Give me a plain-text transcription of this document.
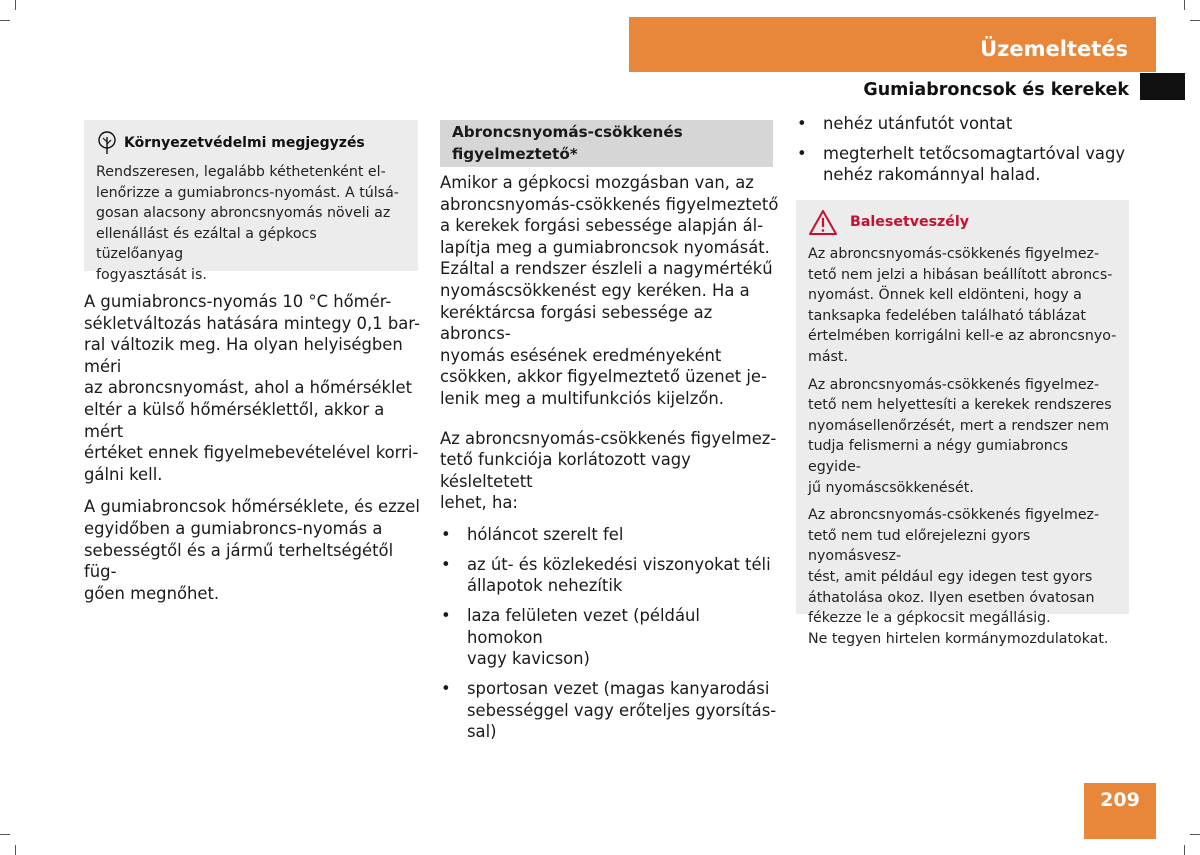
Üzemeltetés
Gumiabroncsok és kerekek
Környezetvédelmi megjegyzés
Rendszeresen, legalább kéthetenként el-
lenőrizze a gumiabroncs-nyomást. A túlsá-
gosan alacsony abroncsnyomás növeli az
ellenállást és ezáltal a gépkocs tüzelőanyag
fogyasztását is.

A gumiabroncs-nyomás 10 °C hőmér-
sékletváltozás hatására mintegy 0,1 bar-
ral változik meg. Ha olyan helyiségben méri
az abroncsnyomást, ahol a hőmérséklet
eltér a külső hőmérséklettől, akkor a mért
értéket ennek figyelmebevételével korri-
gálni kell.

A gumiabroncsok hőmérséklete, és ezzel
egyidőben a gumiabroncs-nyomás a
sebességtől és a jármű terheltségétől füg-
gően megnőhet.

Abroncsnyomás-csökkenés
figyelmeztető*

Amikor a gépkocsi mozgásban van, az
abroncsnyomás-csökkenés figyelmeztető
a kerekek forgási sebessége alapján ál-
lapítja meg a gumiabroncsok nyomását.
Ezáltal a rendszer észleli a nagymértékű
nyomáscsökkenést egy keréken. Ha a
keréktárcsa forgási sebessége az abroncs-
nyomás esésének eredményeként
csökken, akkor figyelmeztető üzenet je-
lenik meg a multifunkciós kijelzőn.

Az abroncsnyomás-csökkenés figyelmez-
tető funkciója korlátozott vagy késleltetett
lehet, ha:

• hóláncot szerelt fel
• az út- és közlekedési viszonyokat téli
állapotok nehezítik
• laza felületen vezet (például homokon
vagy kavicson)
• sportosan vezet (magas kanyarodási
sebességgel vagy erőteljes gyorsítás-
sal)
• nehéz utánfutót vontat
• megterhelt tetőcsomagtartóval vagy
nehéz rakománnyal halad.
Balesetveszély

Az abroncsnyomás-csökkenés figyelmez-
tető nem jelzi a hibásan beállított abroncs-
nyomást. Önnek kell eldönteni, hogy a
tanksapka fedelében található táblázat
értelmében korrigálni kell-e az abroncsnyo-
mást.

Az abroncsnyomás-csökkenés figyelmez-
tető nem helyettesíti a kerekek rendszeres
nyomásellenőrzését, mert a rendszer nem
tudja felismerni a négy gumiabroncs egyide-
jű nyomáscsökkenését.

Az abroncsnyomás-csökkenés figyelmez-
tető nem tud előrejelezni gyors nyomásvesz-
tést, amit például egy idegen test gyors
áthatolása okoz. Ilyen esetben óvatosan
fékezze le a gépkocsit megállásig.

Ne tegyen hirtelen kormánymozdulatokat.

209
